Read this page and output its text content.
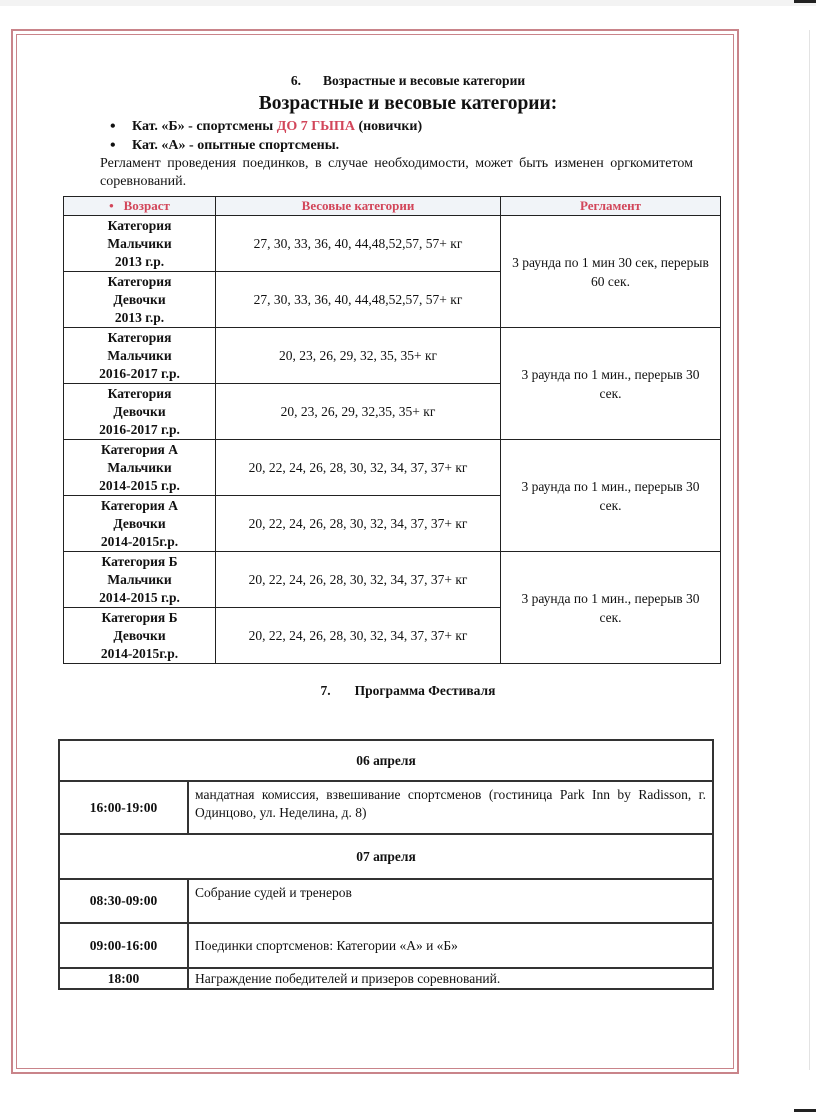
6. Возрастные и весовые категории
Возрастные и весовые категории:
• Кат. «Б» - спортсмены ДО 7 ГЫПА (новички)
• Кат. «А» - опытные спортсмены.
Регламент проведения поединков, в случае необходимости, может быть изменен оргкомитетом соревнований.
• Возраст	Весовые категории	Регламент
Категория
Мальчики
2013 г.р.	27, 30, 33, 36, 40, 44,48,52,57, 57+ кг	3 раунда по 1 мин 30 сек, перерыв 60 сек.
Категория
Девочки
2013 г.р.	27, 30, 33, 36, 40, 44,48,52,57, 57+ кг	
Категория
Мальчики
2016-2017 г.р.	20, 23, 26, 29, 32, 35, 35+ кг	3 раунда по 1 мин., перерыв 30 сек.
Категория
Девочки
2016-2017 г.р.	20, 23, 26, 29, 32,35, 35+ кг	
Категория А
Мальчики
2014-2015 г.р.	20, 22, 24, 26, 28, 30, 32, 34, 37, 37+ кг	3 раунда по 1 мин., перерыв 30 сек.
Категория А
Девочки
2014-2015г.р.	20, 22, 24, 26, 28, 30, 32, 34, 37, 37+ кг	
Категория Б
Мальчики
2014-2015 г.р.	20, 22, 24, 26, 28, 30, 32, 34, 37, 37+ кг	3 раунда по 1 мин., перерыв 30 сек.
Категория Б
Девочки
2014-2015г.р.	20, 22, 24, 26, 28, 30, 32, 34, 37, 37+ кг	
7. Программа Фестиваля
06 апреля	
16:00-19:00	мандатная комиссия, взвешивание спортсменов (гостиница Park Inn by Radisson, г. Одинцово, ул. Неделина, д. 8)
07 апреля	
08:30-09:00	Собрание судей и тренеров
09:00-16:00	Поединки спортсменов: Категории «А» и «Б»
18:00	Награждение победителей и призеров соревнований.
